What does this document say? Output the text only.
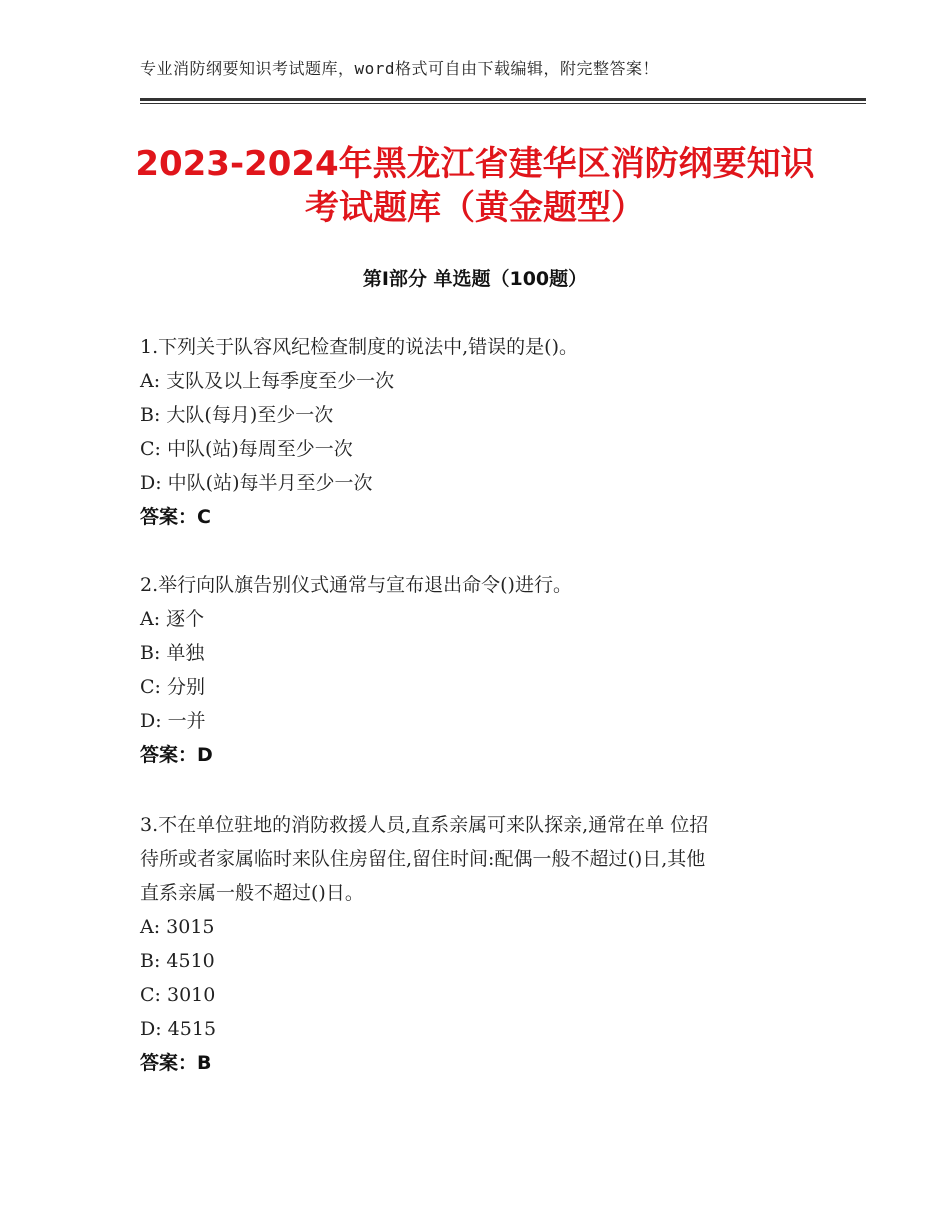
专业消防纲要知识考试题库，word格式可自由下载编辑，附完整答案！
2023-2024年黑龙江省建华区消防纲要知识
考试题库（黄金题型）
第Ⅰ部分 单选题（100题）
1.下列关于队容风纪检查制度的说法中,错误的是()。
A: 支队及以上每季度至少一次
B: 大队(每月)至少一次
C: 中队(站)每周至少一次
D: 中队(站)每半月至少一次
答案：C
2.举行向队旗告别仪式通常与宣布退出命令()进行。
A: 逐个
B: 单独
C: 分别
D: 一并
答案：D
3.不在单位驻地的消防救援人员,直系亲属可来队探亲,通常在单 位招
待所或者家属临时来队住房留住,留住时间:配偶一般不超过()日,其他
直系亲属一般不超过()日。
A: 3015
B: 4510
C: 3010
D: 4515
答案：B
